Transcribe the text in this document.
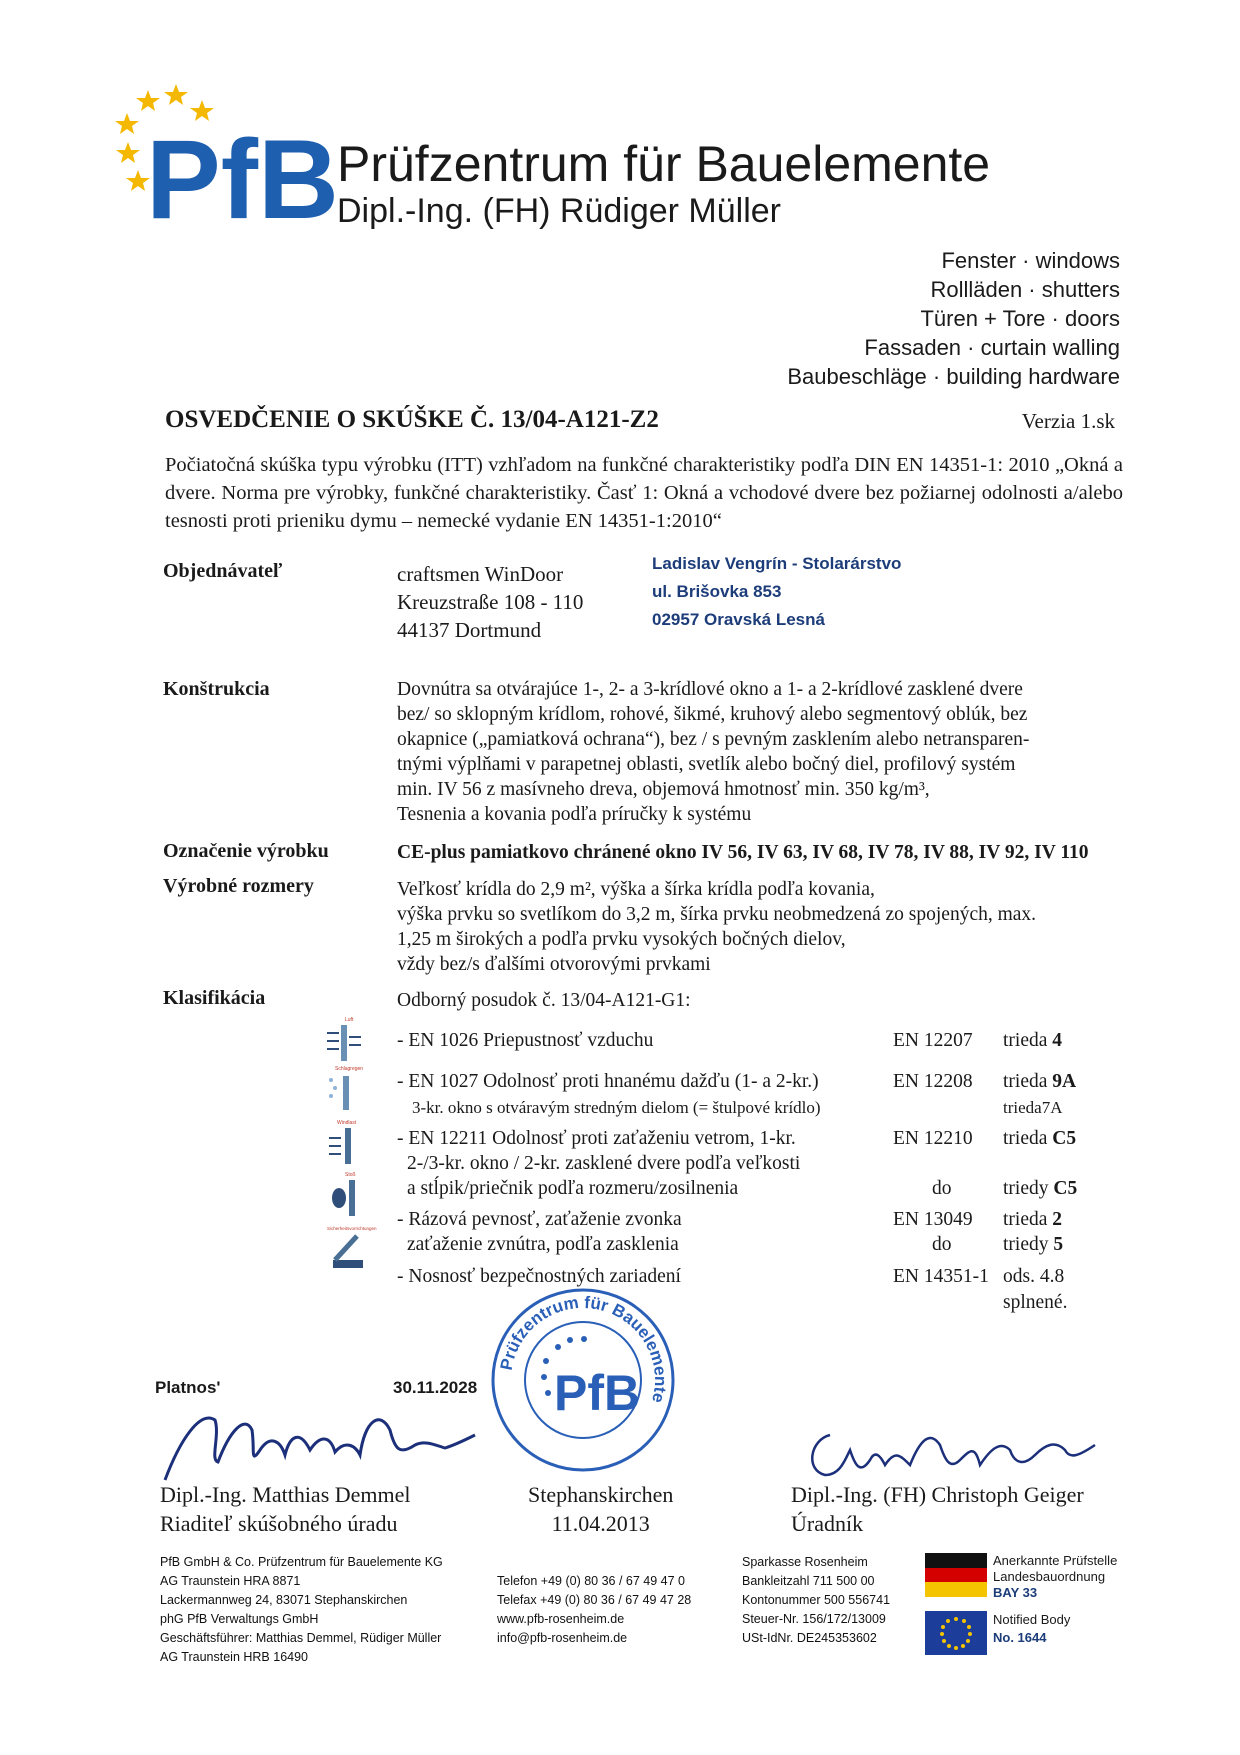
PfB
Prüfzentrum für Bauelemente
Dipl.-Ing. (FH) Rüdiger Müller
Fenster · windows
Rollläden · shutters
Türen + Tore · doors
Fassaden · curtain walling
Baubeschläge · building hardware
OSVEDČENIE O SKÚŠKE Č. 13/04-A121-Z2	Verzia 1.sk
Počiatočná skúška typu výrobku (ITT) vzhľadom na funkčné charakteristiky podľa DIN EN 14351-1: 2010 „Okná a dvere. Norma pre výrobky, funkčné charakteristiky. Časť 1: Okná a vchodové dvere bez požiarnej odolnosti a/alebo tesnosti proti prieniku dymu – nemecké vydanie EN 14351-1:2010“
Objednávateľ	craftsmen WinDoor
Kreuzstraße 108 - 110
44137 Dortmund
Ladislav Vengrín - Stolarárstvo
ul. Brišovka 853
02957 Oravská Lesná
Konštrukcia	Dovnútra sa otvárajúce 1-, 2- a 3-krídlové okno a 1- a 2-krídlové zasklené dvere
bez/ so sklopným krídlom, rohové, šikmé, kruhový alebo segmentový oblúk, bez
okapnice („pamiatková ochrana“), bez / s pevným zasklením alebo netransparen-
tnými výplňami v parapetnej oblasti, svetlík alebo bočný diel, profilový systém
min. IV 56 z masívneho dreva, objemová hmotnosť min. 350 kg/m³,
Tesnenia a kovania podľa príručky k systému
Označenie výrobku	CE-plus pamiatkovo chránené okno IV 56, IV 63, IV 68, IV 78, IV 88, IV 92, IV 110
Výrobné rozmery	Veľkosť krídla do 2,9 m², výška a šírka krídla podľa kovania,
výška prvku so svetlíkom do 3,2 m, šírka prvku neobmedzená zo spojených, max.
1,25 m širokých a podľa prvku vysokých bočných dielov,
vždy bez/s ďalšími otvorovými prvkami
Klasifikácia	Odborný posudok č. 13/04-A121-G1:
Luft
Schlagregen
Windlast
Stoß
Sicherheitsvorrichtungen
- EN 1026 Priepustnosť vzduchu	EN 12207 trieda 4
- EN 1027 Odolnosť proti hnanému dažďu (1- a 2-kr.)	EN 12208 trieda 9A
3-kr. okno s otváravým stredným dielom (= štulpové krídlo)	trieda7A
- EN 12211 Odolnosť proti zaťaženiu vetrom, 1-kr.	EN 12210 trieda C5
2-/3-kr. okno / 2-kr. zasklené dvere podľa veľkosti
a stĺpik/priečnik podľa rozmeru/zosilnenia	do	triedy C5
- Rázová pevnosť, zaťaženie zvonka	EN 13049 trieda 2
zaťaženie zvnútra, podľa zasklenia	do	triedy 5
- Nosnosť bezpečnostných zariadení	EN 14351-1 ods. 4.8
splnené.
Platnos'	30.11.2028
Prüfzentrum für Bauelemente
PfB
Dipl.-Ing. Matthias Demmel
Riaditeľ skúšobného úradu
Stephanskirchen
11.04.2013
Dipl.-Ing. (FH) Christoph Geiger
Úradník
PfB GmbH & Co. Prüfzentrum für Bauelemente KG
AG Traunstein HRA 8871
Lackermannweg 24, 83071 Stephanskirchen
phG PfB Verwaltungs GmbH
Geschäftsführer: Matthias Demmel, Rüdiger Müller
AG Traunstein HRB 16490
Telefon +49 (0) 80 36 / 67 49 47 0
Telefax +49 (0) 80 36 / 67 49 47 28
www.pfb-rosenheim.de
info@pfb-rosenheim.de
Sparkasse Rosenheim
Bankleitzahl 711 500 00
Kontonummer 500 556741
Steuer-Nr. 156/172/13009
USt-IdNr. DE245353602
Anerkannte Prüfstelle
Landesbauordnung
BAY 33
Notified Body
No. 1644
